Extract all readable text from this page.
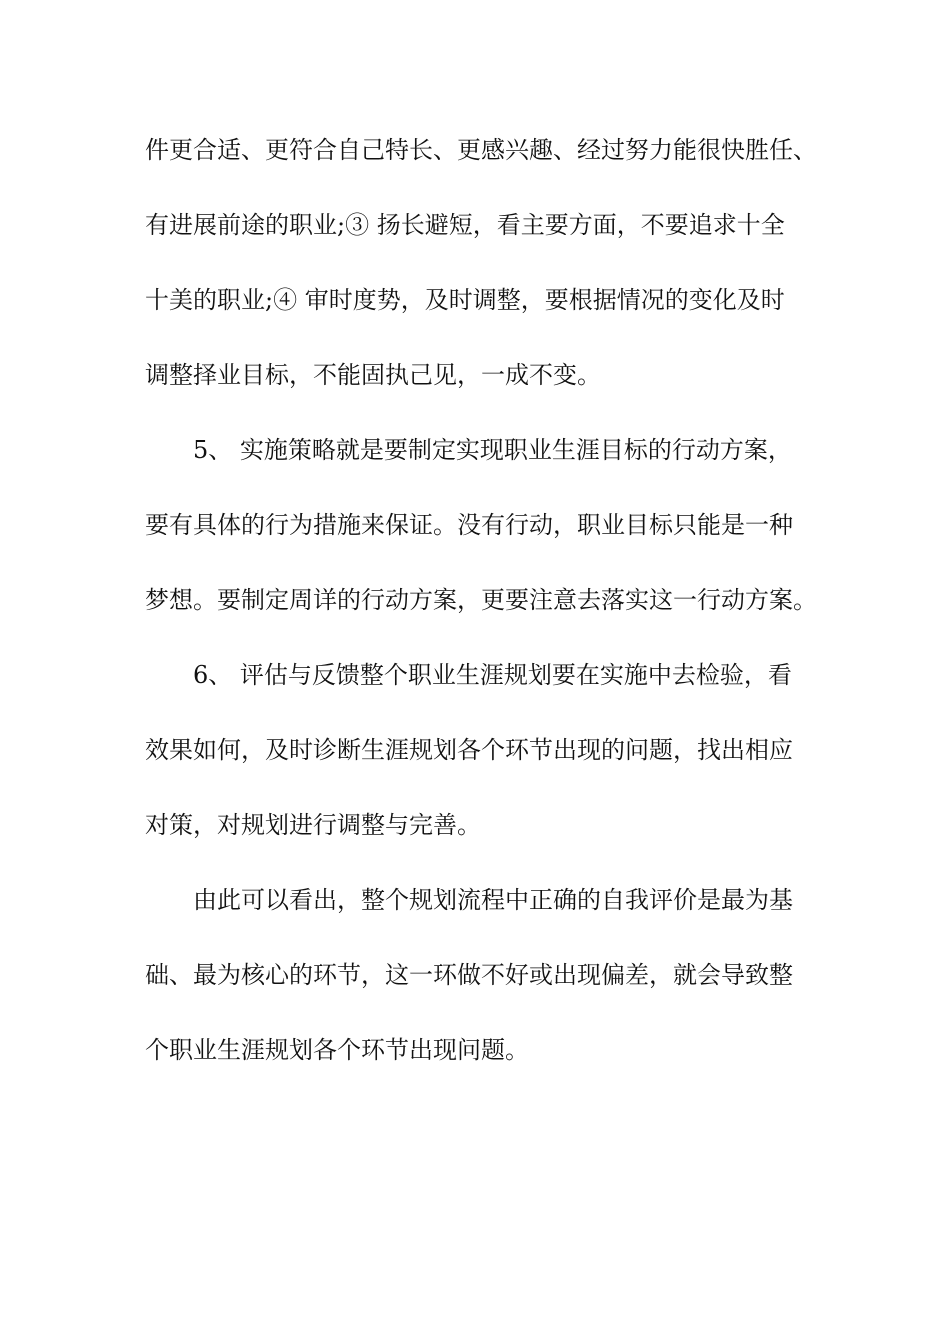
件更合适、更符合自己特长、更感兴趣、经过努力能很快胜任、
有进展前途的职业;③ 扬长避短，看主要方面，不要追求十全
十美的职业;④ 审时度势，及时调整，要根据情况的变化及时
调整择业目标，不能固执己见，一成不变。
5、 实施策略就是要制定实现职业生涯目标的行动方案，
要有具体的行为措施来保证。没有行动，职业目标只能是一种
梦想。要制定周详的行动方案，更要注意去落实这一行动方案。
6、 评估与反馈整个职业生涯规划要在实施中去检验，看
效果如何，及时诊断生涯规划各个环节出现的问题，找出相应
对策，对规划进行调整与完善。
由此可以看出，整个规划流程中正确的自我评价是最为基
础、最为核心的环节，这一环做不好或出现偏差，就会导致整
个职业生涯规划各个环节出现问题。
